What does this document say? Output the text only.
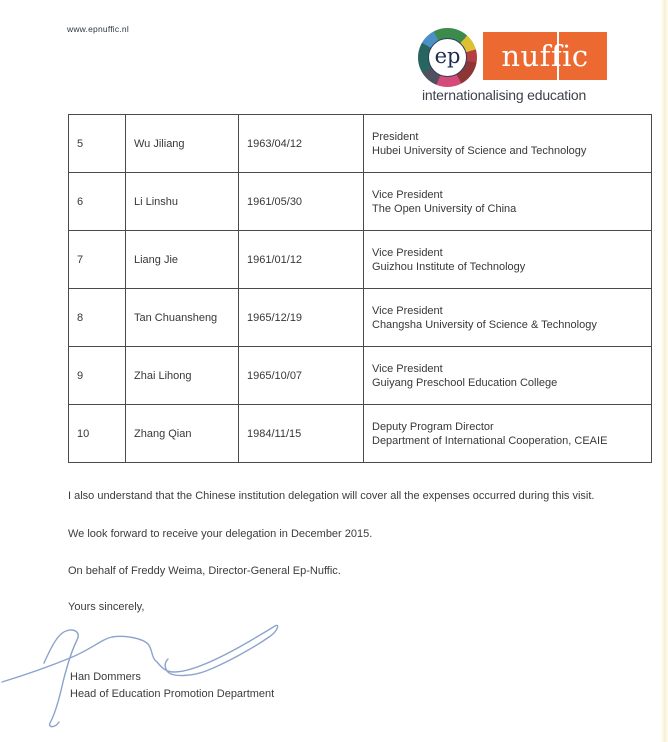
www.epnuffic.nl
ep	nuffic
internationalising education
5	Wu Jiliang	1963/04/12	President
Hubei University of Science and Technology

6	Li Linshu	1961/05/30	Vice President
The Open University of China

7	Liang Jie	1961/01/12	Vice President
Guizhou Institute of Technology

8	Tan Chuansheng	1965/12/19	Vice President
Changsha University of Science & Technology

9	Zhai Lihong	1965/10/07	Vice President
Guiyang Preschool Education College

10	Zhang Qian	1984/11/15	Deputy Program Director
Department of International Cooperation, CEAIE
I also understand that the Chinese institution delegation will cover all the expenses occurred during this visit.
We look forward to receive your delegation in December 2015.
On behalf of Freddy Weima, Director-General Ep-Nuffic.
Yours sincerely,
Han Dommers
Head of Education Promotion Department
